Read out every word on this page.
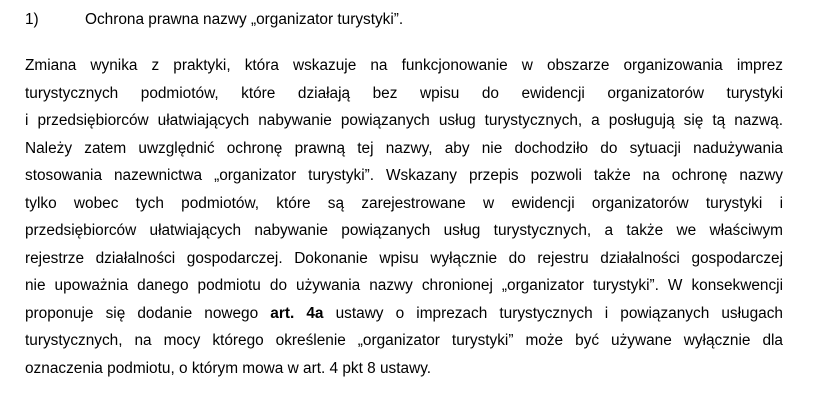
1)	Ochrona prawna nazwy „organizator turystyki”.
Zmiana wynika z praktyki, która wskazuje na funkcjonowanie w obszarze organizowania imprez
turystycznych podmiotów, które działają bez wpisu do ewidencji organizatorów turystyki
i przedsiębiorców ułatwiających nabywanie powiązanych usług turystycznych, a posługują się tą nazwą.
Należy zatem uwzględnić ochronę prawną tej nazwy, aby nie dochodziło do sytuacji nadużywania
stosowania nazewnictwa „organizator turystyki”. Wskazany przepis pozwoli także na ochronę nazwy
tylko wobec tych podmiotów, które są zarejestrowane w ewidencji organizatorów turystyki i
przedsiębiorców ułatwiających nabywanie powiązanych usług turystycznych, a także we właściwym
rejestrze działalności gospodarczej. Dokonanie wpisu wyłącznie do rejestru działalności gospodarczej
nie upoważnia danego podmiotu do używania nazwy chronionej „organizator turystyki”. W konsekwencji
proponuje się dodanie nowego art. 4a ustawy o imprezach turystycznych i powiązanych usługach
turystycznych, na mocy którego określenie „organizator turystyki” może być używane wyłącznie dla
oznaczenia podmiotu, o którym mowa w art. 4 pkt 8 ustawy.
